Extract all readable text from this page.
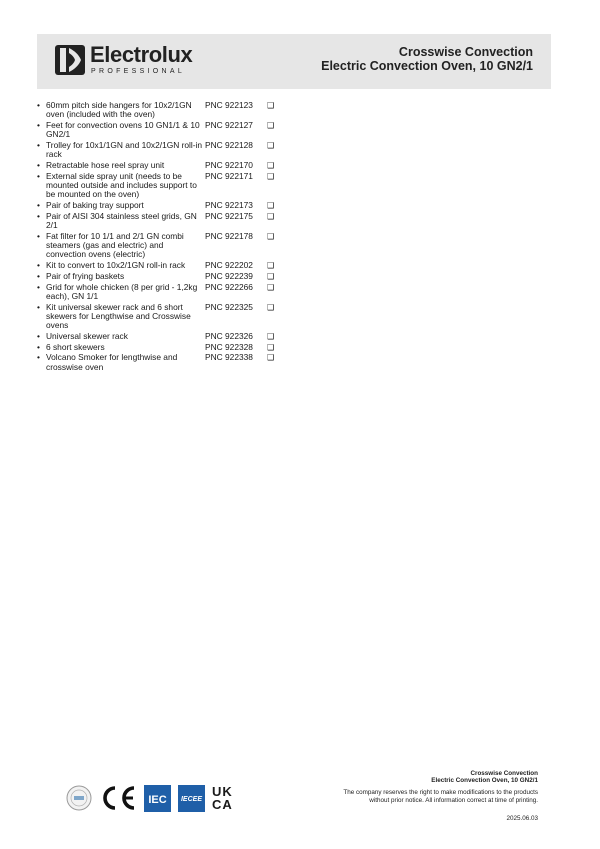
Electrolux
PROFESSIONAL
Crosswise Convection
Electric Convection Oven, 10 GN2/1
• 60mm pitch side hangers for 10x2/1GN oven (included with the oven)
PNC 922123	❑
• Feet for convection ovens 10 GN1/1 & 10 GN2/1
PNC 922127	❑
• Trolley for 10x1/1GN and 10x2/1GN roll-in rack
PNC 922128	❑
• Retractable hose reel spray unit	PNC 922170	❑
• External side spray unit (needs to be mounted outside and includes support to be mounted on the oven)
PNC 922171	❑
• Pair of baking tray support	PNC 922173	❑
• Pair of AISI 304 stainless steel grids, GN 2/1
PNC 922175	❑
• Fat filter for 10 1/1 and 2/1 GN combi steamers (gas and electric) and convection ovens (electric)
PNC 922178	❑
• Kit to convert to 10x2/1GN roll-in rack	PNC 922202	❑
• Pair of frying baskets	PNC 922239	❑
• Grid for whole chicken (8 per grid - 1,2kg each), GN 1/1
PNC 922266	❑
• Kit universal skewer rack and 6 short skewers for Lengthwise and Crosswise ovens
PNC 922325	❑
• Universal skewer rack	PNC 922326	❑
• 6 short skewers	PNC 922328	❑
• Volcano Smoker for lengthwise and crosswise oven
PNC 922338	❑
IEC IECEE UK
CA
Crosswise Convection
Electric Convection Oven, 10 GN2/1
The company reserves the right to make modifications to the products
without prior notice. All information correct at time of printing.
2025.06.03
